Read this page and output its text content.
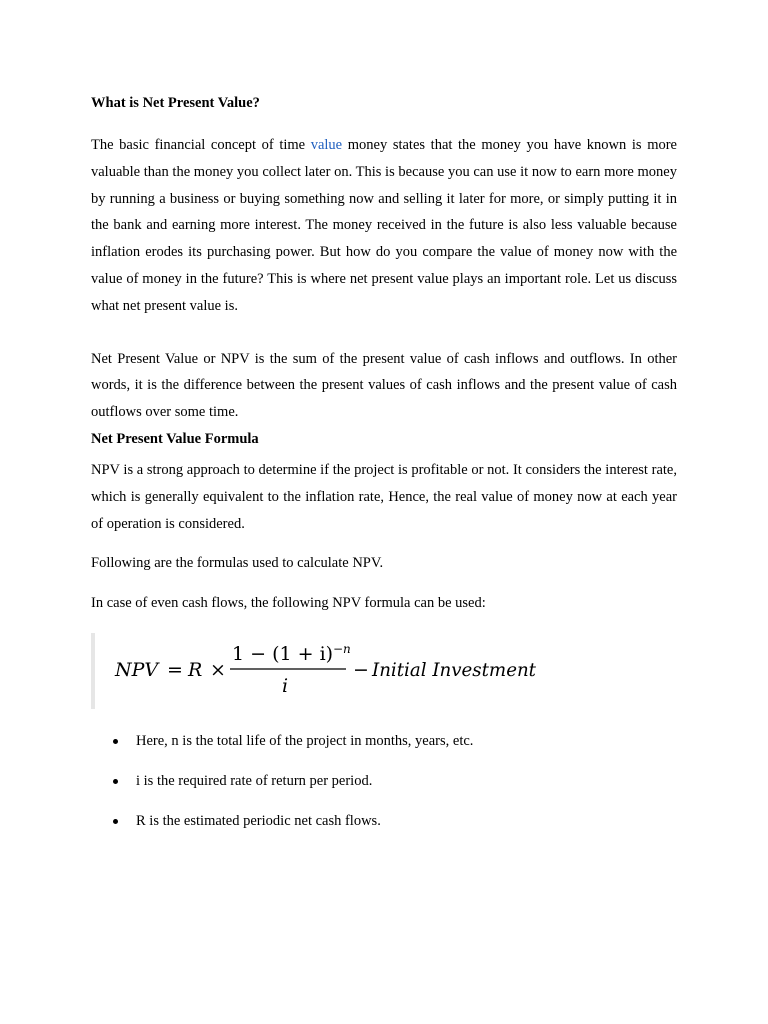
What is Net Present Value?

The basic financial concept of time value money states that the money you have known is more valuable than the money you collect later on. This is because you can use it now to earn more money by running a business or buying something now and selling it later for more, or simply putting it in the bank and earning more interest. The money received in the future is also less valuable because inflation erodes its purchasing power. But how do you compare the value of money now with the value of money in the future? This is where net present value plays an important role. Let us discuss what net present value is.

Net Present Value or NPV is the sum of the present value of cash inflows and outflows. In other words, it is the difference between the present values of cash inflows and the present value of cash outflows over some time.

Net Present Value Formula

NPV is a strong approach to determine if the project is profitable or not. It considers the interest rate, which is generally equivalent to the inflation rate, Hence, the real value of money now at each year of operation is considered.

Following are the formulas used to calculate NPV.

In case of even cash flows, the following NPV formula can be used:

NPV = R ×
1 − (1 + i) −n
i
− Initial Investment
Here, n is the total life of the project in months, years, etc.
i is the required rate of return per period.
R is the estimated periodic net cash flows.
